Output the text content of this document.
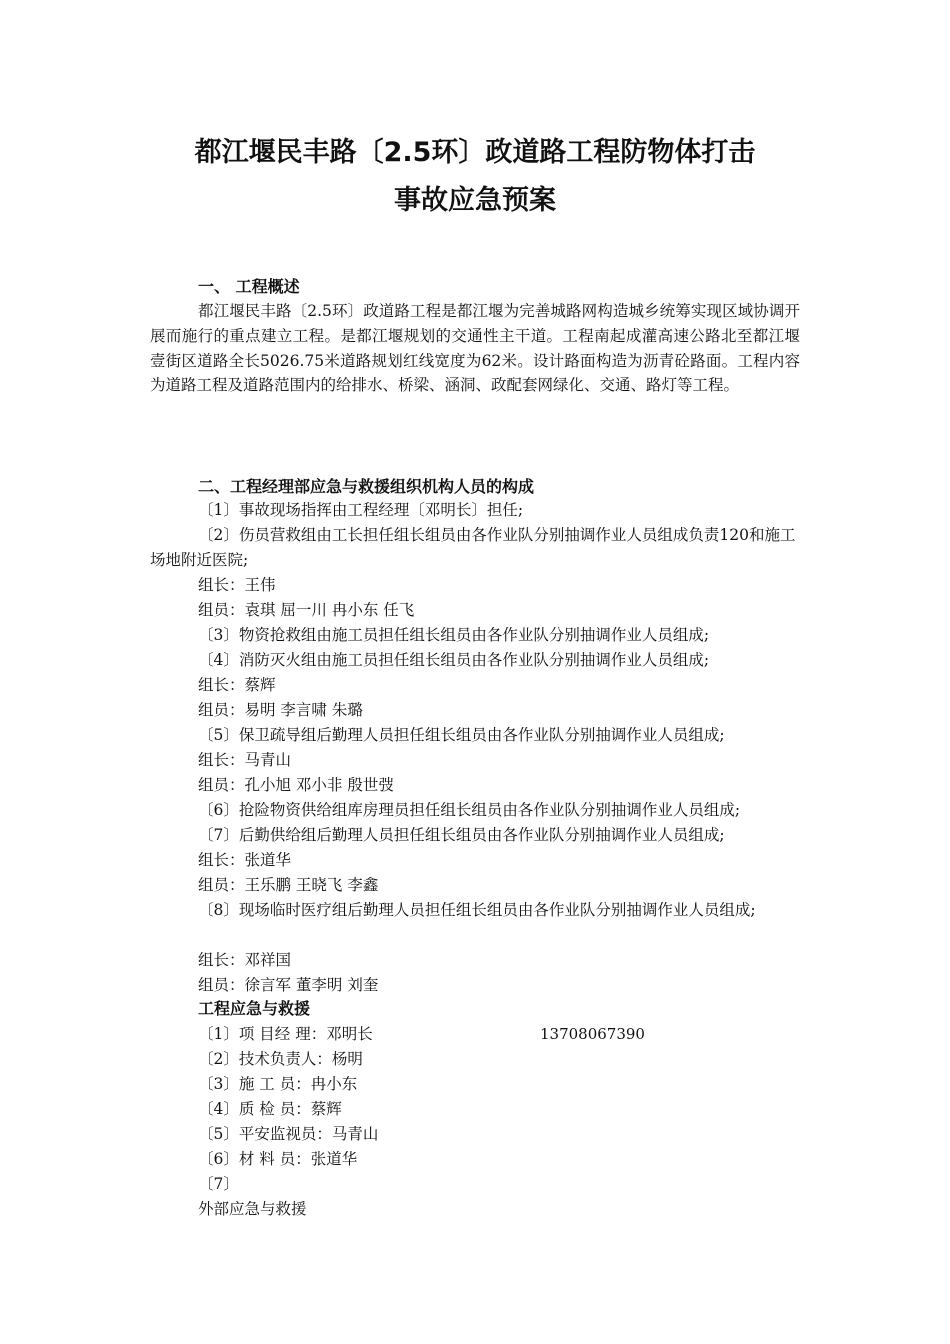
都江堰民丰路〔2.5环〕政道路工程防物体打击
事故应急预案
一、 工程概述
都江堰民丰路〔2.5环〕政道路工程是都江堰为完善城路网构造城乡统筹实现区域协调开展而施行的重点建立工程。是都江堰规划的交通性主干道。工程南起成灌高速公路北至都江堰壹街区道路全长5026.75米道路规划红线宽度为62米。设计路面构造为沥青砼路面。工程内容为道路工程及道路范围内的给排水、桥梁、涵洞、政配套网绿化、交通、路灯等工程。
二、工程经理部应急与救援组织机构人员的构成
〔1〕事故现场指挥由工程经理〔邓明长〕担任;
〔2〕伤员营救组由工长担任组长组员由各作业队分别抽调作业人员组成负责120和施工场地附近医院;
组长：王伟
组员：袁琪 屈一川 冉小东 任飞
〔3〕物资抢救组由施工员担任组长组员由各作业队分别抽调作业人员组成;
〔4〕消防灭火组由施工员担任组长组员由各作业队分别抽调作业人员组成;
组长：蔡辉
组员：易明 李言啸 朱璐
〔5〕保卫疏导组后勤理人员担任组长组员由各作业队分别抽调作业人员组成;
组长：马青山
组员：孔小旭 邓小非 殷世弢
〔6〕抢险物资供给组库房理员担任组长组员由各作业队分别抽调作业人员组成;
〔7〕后勤供给组后勤理人员担任组长组员由各作业队分别抽调作业人员组成;
组长：张道华
组员：王乐鹏 王晓飞 李鑫
〔8〕现场临时医疗组后勤理人员担任组长组员由各作业队分别抽调作业人员组成;
组长：邓祥国
组员：徐言军 董李明 刘奎
工程应急与救援
〔1〕项 目经 理：邓明长	13708067390
〔2〕技术负责人：杨明
〔3〕施 工 员：冉小东
〔4〕质 检 员：蔡辉
〔5〕平安监视员：马青山
〔6〕材 料 员：张道华
〔7〕
外部应急与救援
